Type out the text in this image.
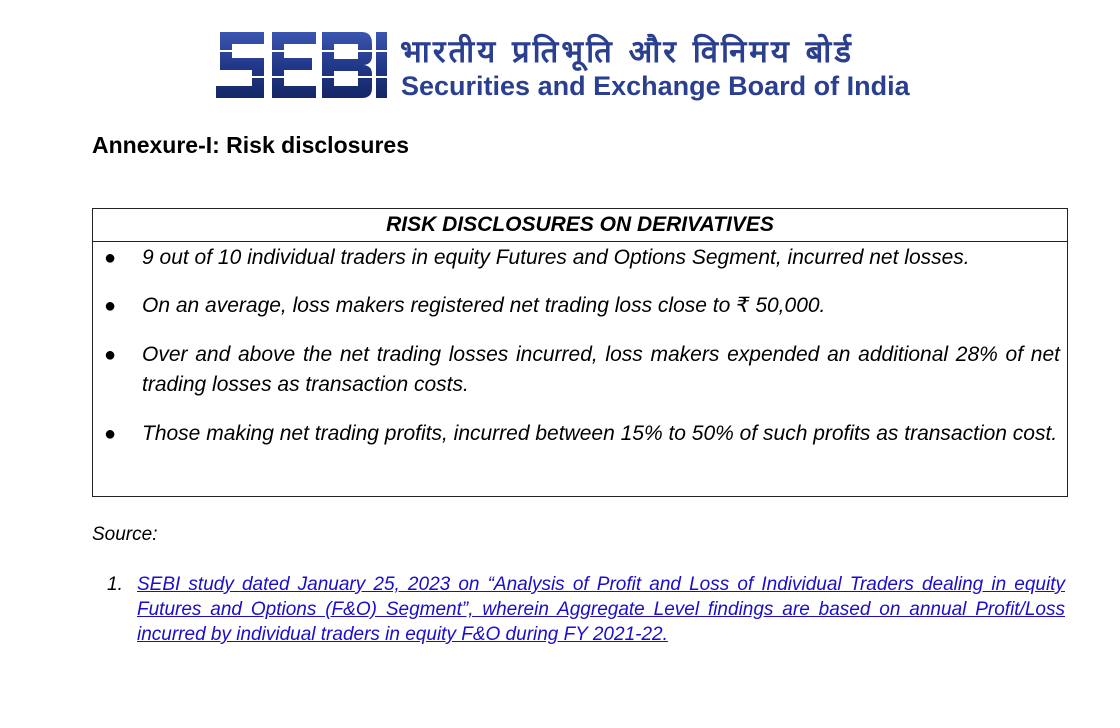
भारतीय प्रतिभूति और विनिमय बोर्ड
Securities and Exchange Board of India
Annexure-I: Risk disclosures
RISK DISCLOSURES ON DERIVATIVES
● 9 out of 10 individual traders in equity Futures and Options Segment, incurred net losses.
● On an average, loss makers registered net trading loss close to ₹ 50,000.
● Over and above the net trading losses incurred, loss makers expended an additional 28% of net trading losses as transaction costs.
● Those making net trading profits, incurred between 15% to 50% of such profits as transaction cost.
Source:
1. SEBI study dated January 25, 2023 on “Analysis of Profit and Loss of Individual Traders dealing in equity Futures and Options (F&O) Segment”, wherein Aggregate Level findings are based on annual Profit/Loss incurred by individual traders in equity F&O during FY 2021-22.
